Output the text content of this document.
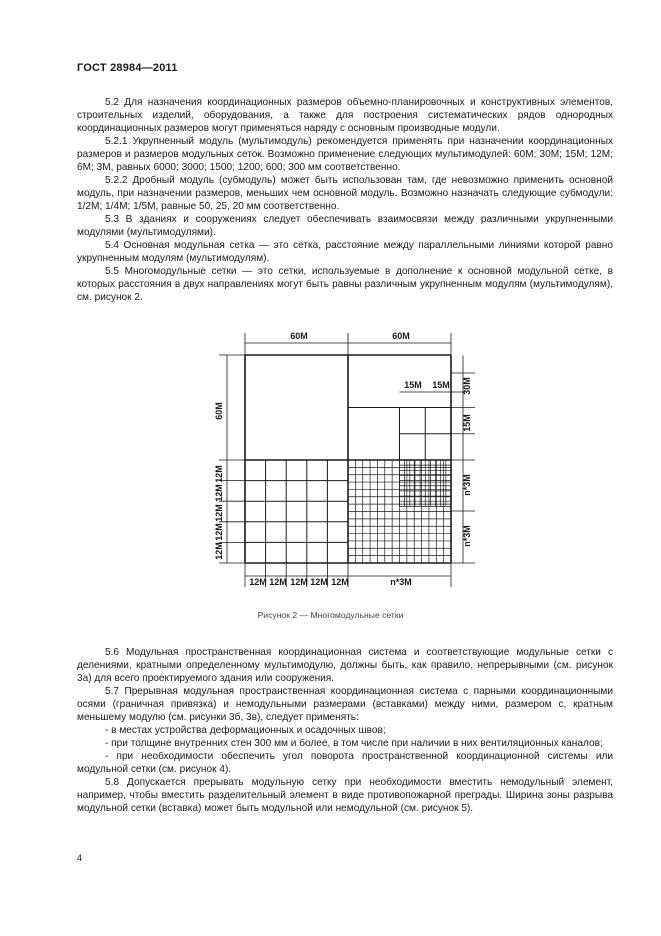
ГОСТ 28984—2011

5.2 Для назначения координационных размеров объемно-планировочных и конструктивных элементов, строительных изделий, оборудования, а также для построения систематических рядов однородных координационных размеров могут применяться наряду с основным производные модули.

5.2.1 Укрупненный модуль (мультимодуль) рекомендуется применять при назначении координационных размеров и размеров модульных сеток. Возможно применение следующих мультимодулей: 60M; 30M; 15M; 12M; 6M; 3M, равных 6000; 3000; 1500; 1200; 600; 300 мм соответственно.

5.2.2 Дробный модуль (субмодуль) может быть использован там, где невозможно применить основной модуль, при назначении размеров, меньших чем основной модуль. Возможно назначать следующие субмодули: 1/2M; 1/4M; 1/5M, равные 50, 25, 20 мм соответственно.

5.3 В зданиях и сооружениях следует обеспечивать взаимосвязи между различными укрупненными модулями (мультимодулями).

5.4 Основная модульная сетка — это сетка, расстояние между параллельными линиями которой равно укрупненным модулям (мультимодулям).

5.5 Многомодульные сетки — это сетки, используемые в дополнение к основной модульной сетке, в которых расстояния в двух направлениях могут быть равны различным укрупненным модулям (мультимодулям), см. рисунок 2.

60M	60M
15M 15M
60M
12M
12M
12M
12M
12M
30M
15M
n*3M
n*3M
12M 12M 12M 12M 12M	n*3M
Рисунок 2 — Многомодульные сетки

5.6 Модульная пространственная координационная система и соответствующие модульные сетки с делениями, кратными определенному мультимодулю, должны быть, как правило, непрерывными (см. рисунок 3а) для всего проектируемого здания или сооружения.

5.7 Прерывная модульная пространственная координационная система с парными координационными осями (граничная привязка) и немодульными размерами (вставками) между ними, размером с, кратным меньшему модулю (см. рисунки 3б, 3в), следует применять:

- в местах устройства деформационных и осадочных швов;

- при толщине внутренних стен 300 мм и более, в том числе при наличии в них вентиляционных каналов;

- при необходимости обеспечить угол поворота пространственной координационной системы или модульной сетки (см. рисунок 4).

5.8 Допускается прерывать модульную сетку при необходимости вместить немодульный элемент, например, чтобы вместить разделительный элемент в виде противопожарной преграды. Ширина зоны разрыва модульной сетки (вставка) может быть модульной или немодульной (см. рисунок 5).

4
